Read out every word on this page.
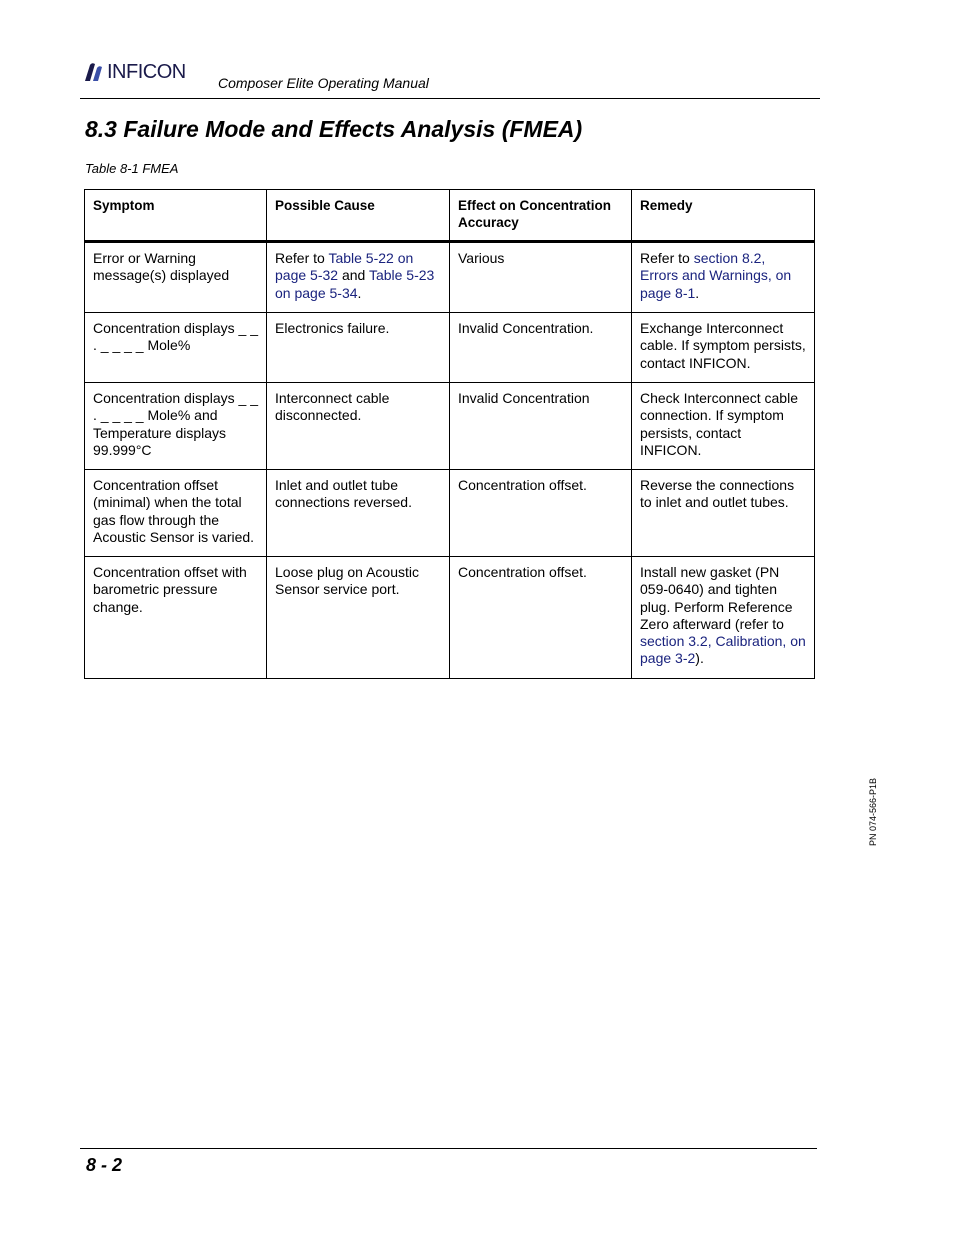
INFICON
Composer Elite Operating Manual
8.3 Failure Mode and Effects Analysis (FMEA)
Table 8-1 FMEA
Symptom	Possible Cause	Effect on Concentration Accuracy	Remedy
Error or Warning message(s) displayed	Refer to Table 5-22 on page 5-32 and Table 5-23 on page 5-34.	Various	Refer to section 8.2, Errors and Warnings, on page 8-1.
Concentration displays _ _ . _ _ _ _ Mole%	Electronics failure.	Invalid Concentration.	Exchange Interconnect cable. If symptom persists, contact INFICON.
Concentration displays _ _ . _ _ _ _ Mole% and Temperature displays 99.999°C	Interconnect cable disconnected.	Invalid Concentration	Check Interconnect cable connection. If symptom persists, contact INFICON.
Concentration offset (minimal) when the total gas flow through the Acoustic Sensor is varied.	Inlet and outlet tube connections reversed.	Concentration offset.	Reverse the connections to inlet and outlet tubes.
Concentration offset with barometric pressure change.	Loose plug on Acoustic Sensor service port.	Concentration offset.	Install new gasket (PN 059-0640) and tighten plug. Perform Reference Zero afterward (refer to section 3.2, Calibration, on page 3-2).
PN 074-566-P1B
8 - 2
